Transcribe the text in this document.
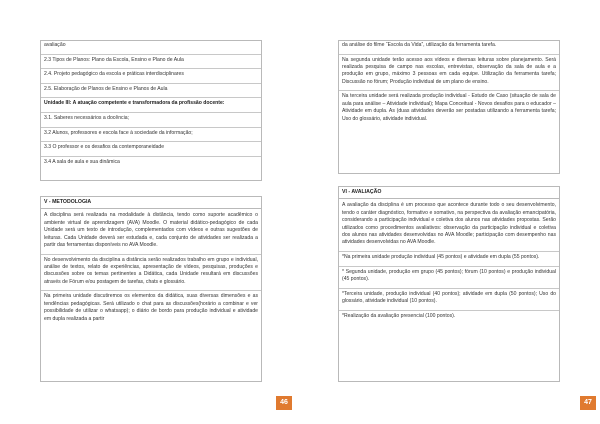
avaliação

2.3 Tipos de Planos: Plano da Escola, Ensino e Plano de Aula

2.4. Projeto pedagógico da escola e práticas interdisciplinares

2.5. Elaboração de Planos de Ensino e Planos de Aula

Unidade III: A atuação competente e transformadora da profissão docente:

3.1. Saberes necessários a docência;

3.2 Alunos, professores e escola face à sociedade da informação;

3.3 O professor e os desafios da contemporaneidade

3.4 A sala de aula e sua dinâmica

V - METODOLOGIA

A disciplina será realizada na modalidade à distância, tendo como suporte acadêmico o ambiente virtual de aprendizagem (AVA) Moodle. O material didático-pedagógico de cada Unidade será um texto de introdução, complementados com vídeos e outras sugestões de leituras. Cada Unidade deverá ser estudada e, cada conjunto de atividades ser realizada a partir das ferramentas disponíveis no AVA Moodle.

No desenvolvimento da disciplina a distância serão realizados trabalho em grupo e individual, análise de textos, relato de experiências, apresentação de vídeos, pesquisas, produções e discussões sobre os temas pertinentes a Didática, cada Unidade resultará em discussões através de Fórum e/ou postagem de tarefas, chats e glossário.

Na primeira unidade discutiremos os elementos da didática, suas diversas dimensões e as tendências pedagógicas. Será utilizado o chat para as discussões(horário a combinar e ver possibilidade de utilizar o whatsapp); o diário de bordo para produção individual e atividade em dupla realizada a partir

46

da análise do filme “Escola da Vida”, utilização da ferramenta tarefa.

Na segunda unidade terão acesso aos vídeos e diversas leituras sobre planejamento. Será realizada pesquisa de campo nas escolas, entrevistas, observação da sala de aula e a produção em grupo, máximo 3 pessoas em cada equipe. Utilização da ferramenta tarefa; Discussão no fórum; Produção individual de um plano de ensino.

Na terceira unidade será realizada produção individual - Estudo de Caso (situação de sala de aula para análise – Atividade individual); Mapa Conceitual - Novos desafios para o educador – Atividade em dupla. As (duas atividades deverão ser postadas utilizando a ferramenta tarefa; Uso do glossário, atividade individual.

VI - AVALIAÇÃO

A avaliação da disciplina é um processo que acontece durante todo o seu desenvolvimento, tendo o caráter diagnóstico, formativo e somativo, na perspectiva da avaliação emancipatória, considerando a participação individual e coletiva dos alunos nas atividades propostas. Serão utilizados como procedimentos avaliativos: observação da participação individual e coletiva dos alunos nas atividades desenvolvidas no AVA Moodle; participação com desempenho nas atividades desenvolvidas no AVA Moodle.

*Na primeira unidade produção individual (45 pontos) e atividade em dupla (55 pontos).

* Segunda unidade, produção em grupo (45 pontos); fórum (10 pontos) e produção individual (45 pontos).

*Terceira unidade, produção individual (40 pontos); atividade em dupla (50 pontos); Uso do glossário, atividade individual (10 pontos).

*Realização da avaliação presencial (100 pontos).

47
